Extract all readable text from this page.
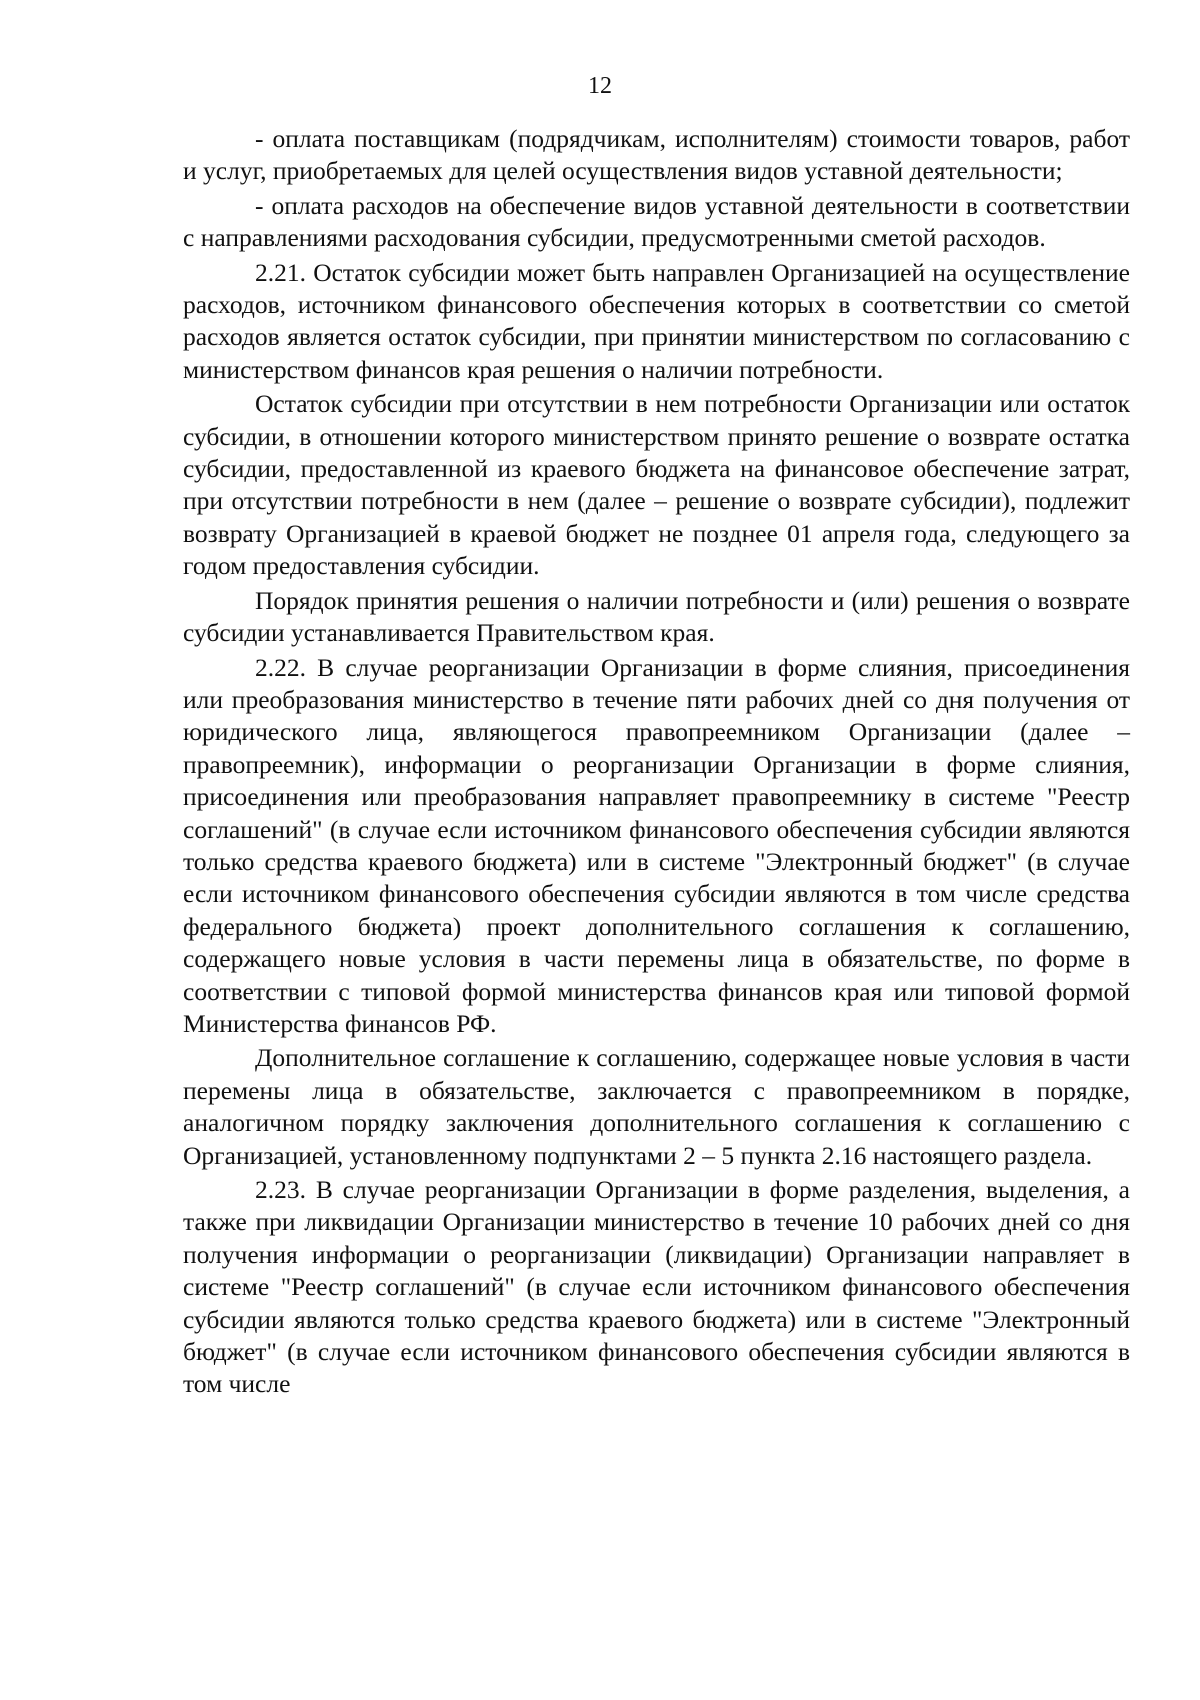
12

- оплата поставщикам (подрядчикам, исполнителям) стоимости товаров, работ и услуг, приобретаемых для целей осуществления видов уставной деятельности;

- оплата расходов на обеспечение видов уставной деятельности в соответствии с направлениями расходования субсидии, предусмотренными сметой расходов.

2.21. Остаток субсидии может быть направлен Организацией на осуществление расходов, источником финансового обеспечения которых в соответствии со сметой расходов является остаток субсидии, при принятии министерством по согласованию с министерством финансов края решения о наличии потребности.

Остаток субсидии при отсутствии в нем потребности Организации или остаток субсидии, в отношении которого министерством принято решение о возврате остатка субсидии, предоставленной из краевого бюджета на финансовое обеспечение затрат, при отсутствии потребности в нем (далее – решение о возврате субсидии), подлежит возврату Организацией в краевой бюджет не позднее 01 апреля года, следующего за годом предоставления субсидии.

Порядок принятия решения о наличии потребности и (или) решения о возврате субсидии устанавливается Правительством края.

2.22. В случае реорганизации Организации в форме слияния, присоединения или преобразования министерство в течение пяти рабочих дней со дня получения от юридического лица, являющегося правопреемником Организации (далее – правопреемник), информации о реорганизации Организации в форме слияния, присоединения или преобразования направляет правопреемнику в системе "Реестр соглашений" (в случае если источником финансового обеспечения субсидии являются только средства краевого бюджета) или в системе "Электронный бюджет" (в случае если источником финансового обеспечения субсидии являются в том числе средства федерального бюджета) проект дополнительного соглашения к соглашению, содержащего новые условия в части перемены лица в обязательстве, по форме в соответствии с типовой формой министерства финансов края или типовой формой Министерства финансов РФ.

Дополнительное соглашение к соглашению, содержащее новые условия в части перемены лица в обязательстве, заключается с правопреемником в порядке, аналогичном порядку заключения дополнительного соглашения к соглашению с Организацией, установленному подпунктами 2 – 5 пункта 2.16 настоящего раздела.

2.23. В случае реорганизации Организации в форме разделения, выделения, а также при ликвидации Организации министерство в течение 10 рабочих дней со дня получения информации о реорганизации (ликвидации) Организации направляет в системе "Реестр соглашений" (в случае если источником финансового обеспечения субсидии являются только средства краевого бюджета) или в системе "Электронный бюджет" (в случае если источником финансового обеспечения субсидии являются в том числе
